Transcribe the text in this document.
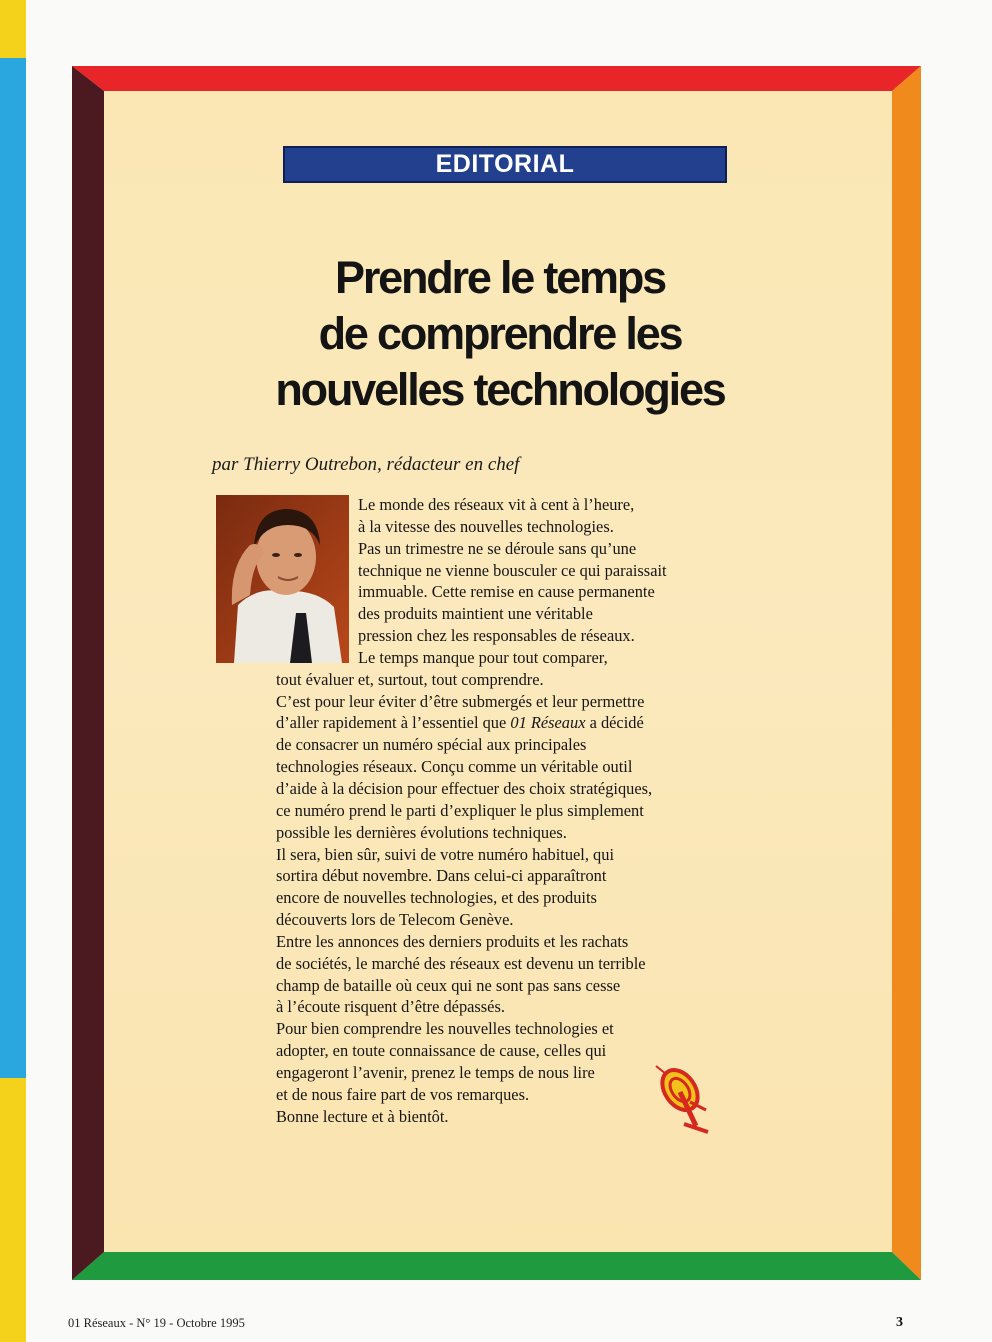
EDITORIAL
Prendre le temps
de comprendre les
nouvelles technologies
par Thierry Outrebon, rédacteur en chef
Le monde des réseaux vit à cent à l’heure,
à la vitesse des nouvelles technologies.
Pas un trimestre ne se déroule sans qu’une
technique ne vienne bousculer ce qui paraissait
immuable. Cette remise en cause permanente
des produits maintient une véritable
pression chez les responsables de réseaux.
Le temps manque pour tout comparer,
tout évaluer et, surtout, tout comprendre.
C’est pour leur éviter d’être submergés et leur permettre
d’aller rapidement à l’essentiel que 01 Réseaux a décidé
de consacrer un numéro spécial aux principales
technologies réseaux. Conçu comme un véritable outil
d’aide à la décision pour effectuer des choix stratégiques,
ce numéro prend le parti d’expliquer le plus simplement
possible les dernières évolutions techniques.
Il sera, bien sûr, suivi de votre numéro habituel, qui
sortira début novembre. Dans celui-ci apparaîtront
encore de nouvelles technologies, et des produits
découverts lors de Telecom Genève.
Entre les annonces des derniers produits et les rachats
de sociétés, le marché des réseaux est devenu un terrible
champ de bataille où ceux qui ne sont pas sans cesse
à l’écoute risquent d’être dépassés.
Pour bien comprendre les nouvelles technologies et
adopter, en toute connaissance de cause, celles qui
engageront l’avenir, prenez le temps de nous lire
et de nous faire part de vos remarques.
Bonne lecture et à bientôt.
01 Réseaux - N° 19 - Octobre 1995	3
